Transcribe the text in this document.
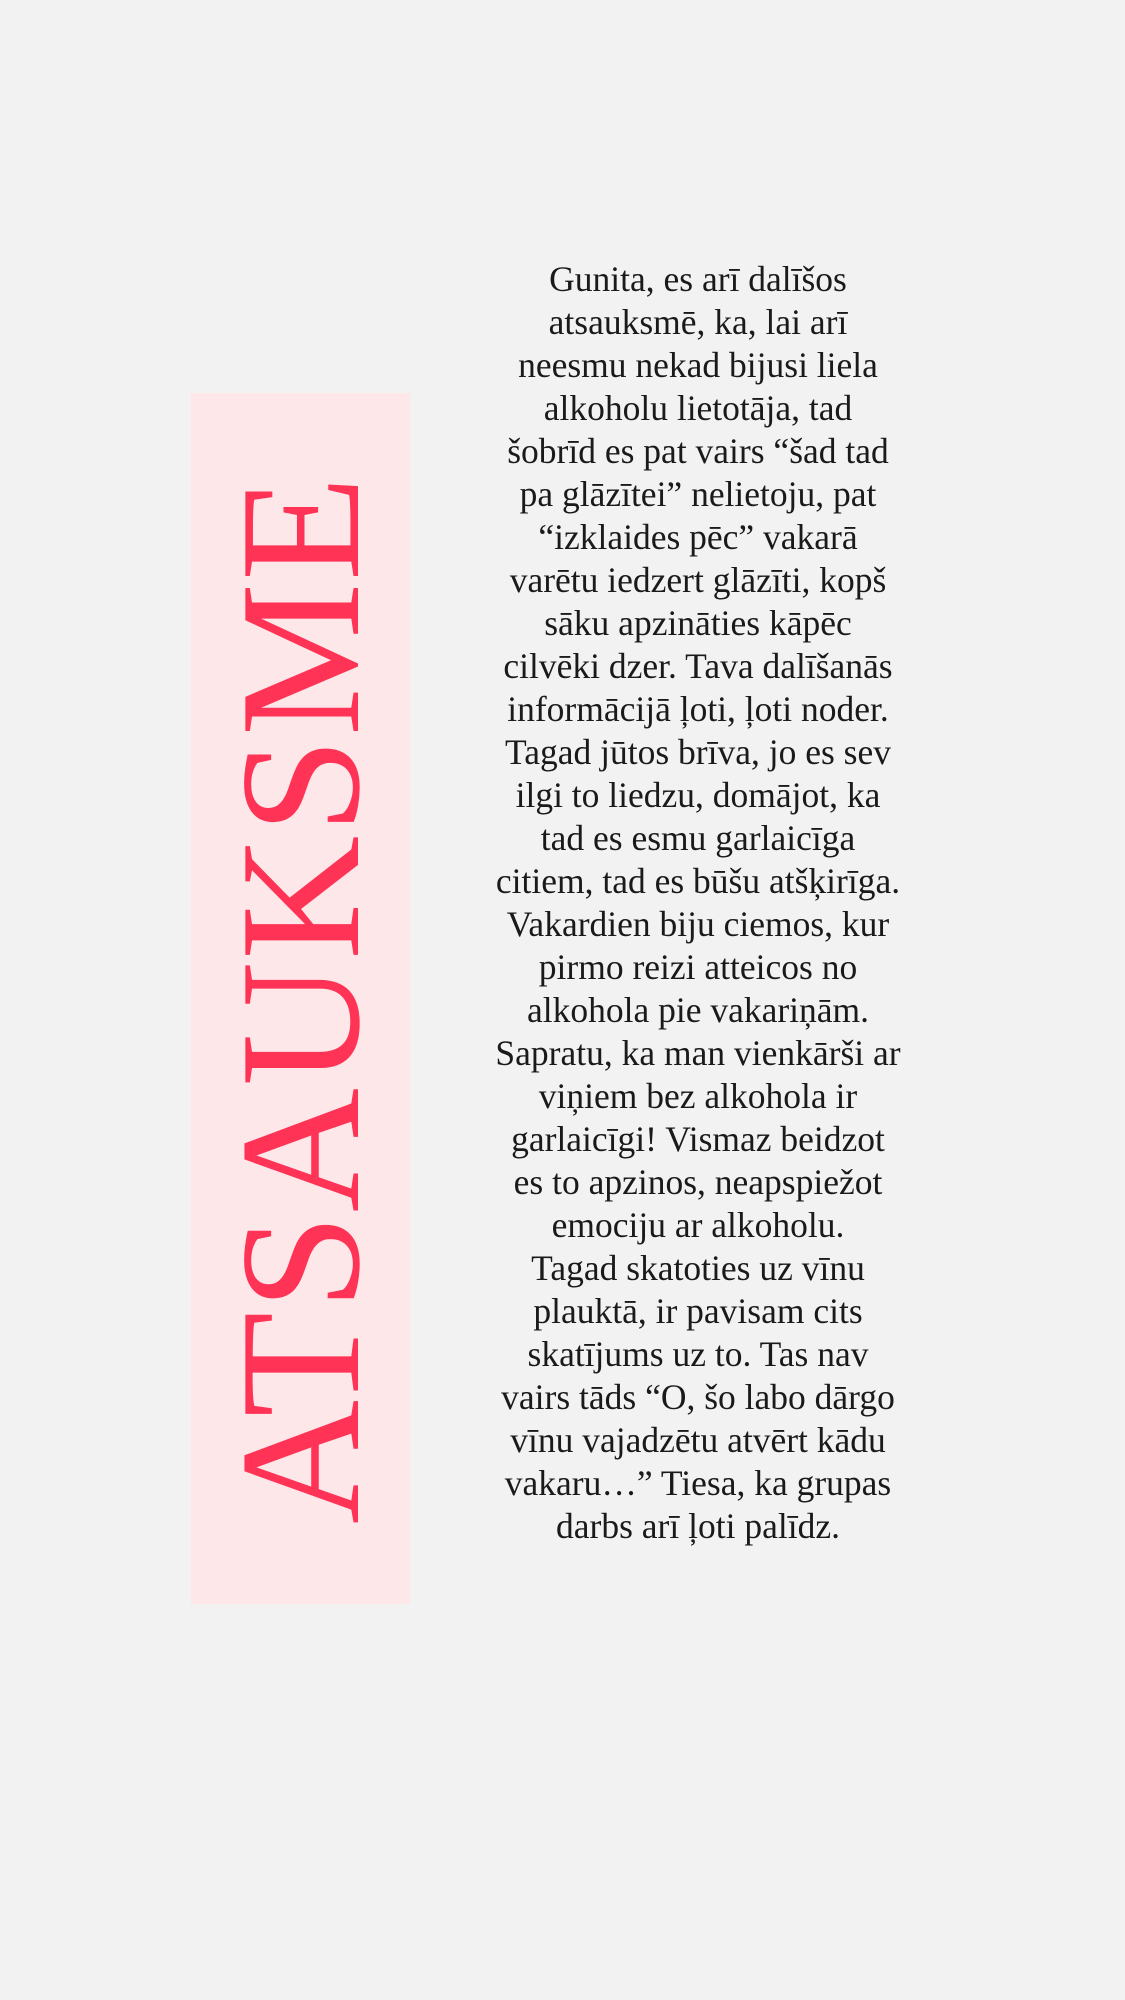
ATSAUKSME

Gunita, es arī dalīšos atsauksmē, ka, lai arī neesmu nekad bijusi liela alkoholu lietotāja, tad šobrīd es pat vairs “šad tad pa glāzītei” nelietoju, pat “izklaides pēc” vakarā varētu iedzert glāzīti, kopš sāku apzināties kāpēc cilvēki dzer. Tava dalīšanās informācijā ļoti, ļoti noder.

Tagad jūtos brīva, jo es sev ilgi to liedzu, domājot, ka tad es esmu garlaicīga citiem, tad es būšu atšķirīga. Vakardien biju ciemos, kur pirmo reizi atteicos no alkohola pie vakariņām. Sapratu, ka man vienkārši ar viņiem bez alkohola ir garlaicīgi! Vismaz beidzot es to apzinos, neapspiežot emociju ar alkoholu.

Tagad skatoties uz vīnu plauktā, ir pavisam cits skatījums uz to. Tas nav vairs tāds “O, šo labo dārgo vīnu vajadzētu atvērt kādu vakaru…” Tiesa, ka grupas darbs arī ļoti palīdz.
